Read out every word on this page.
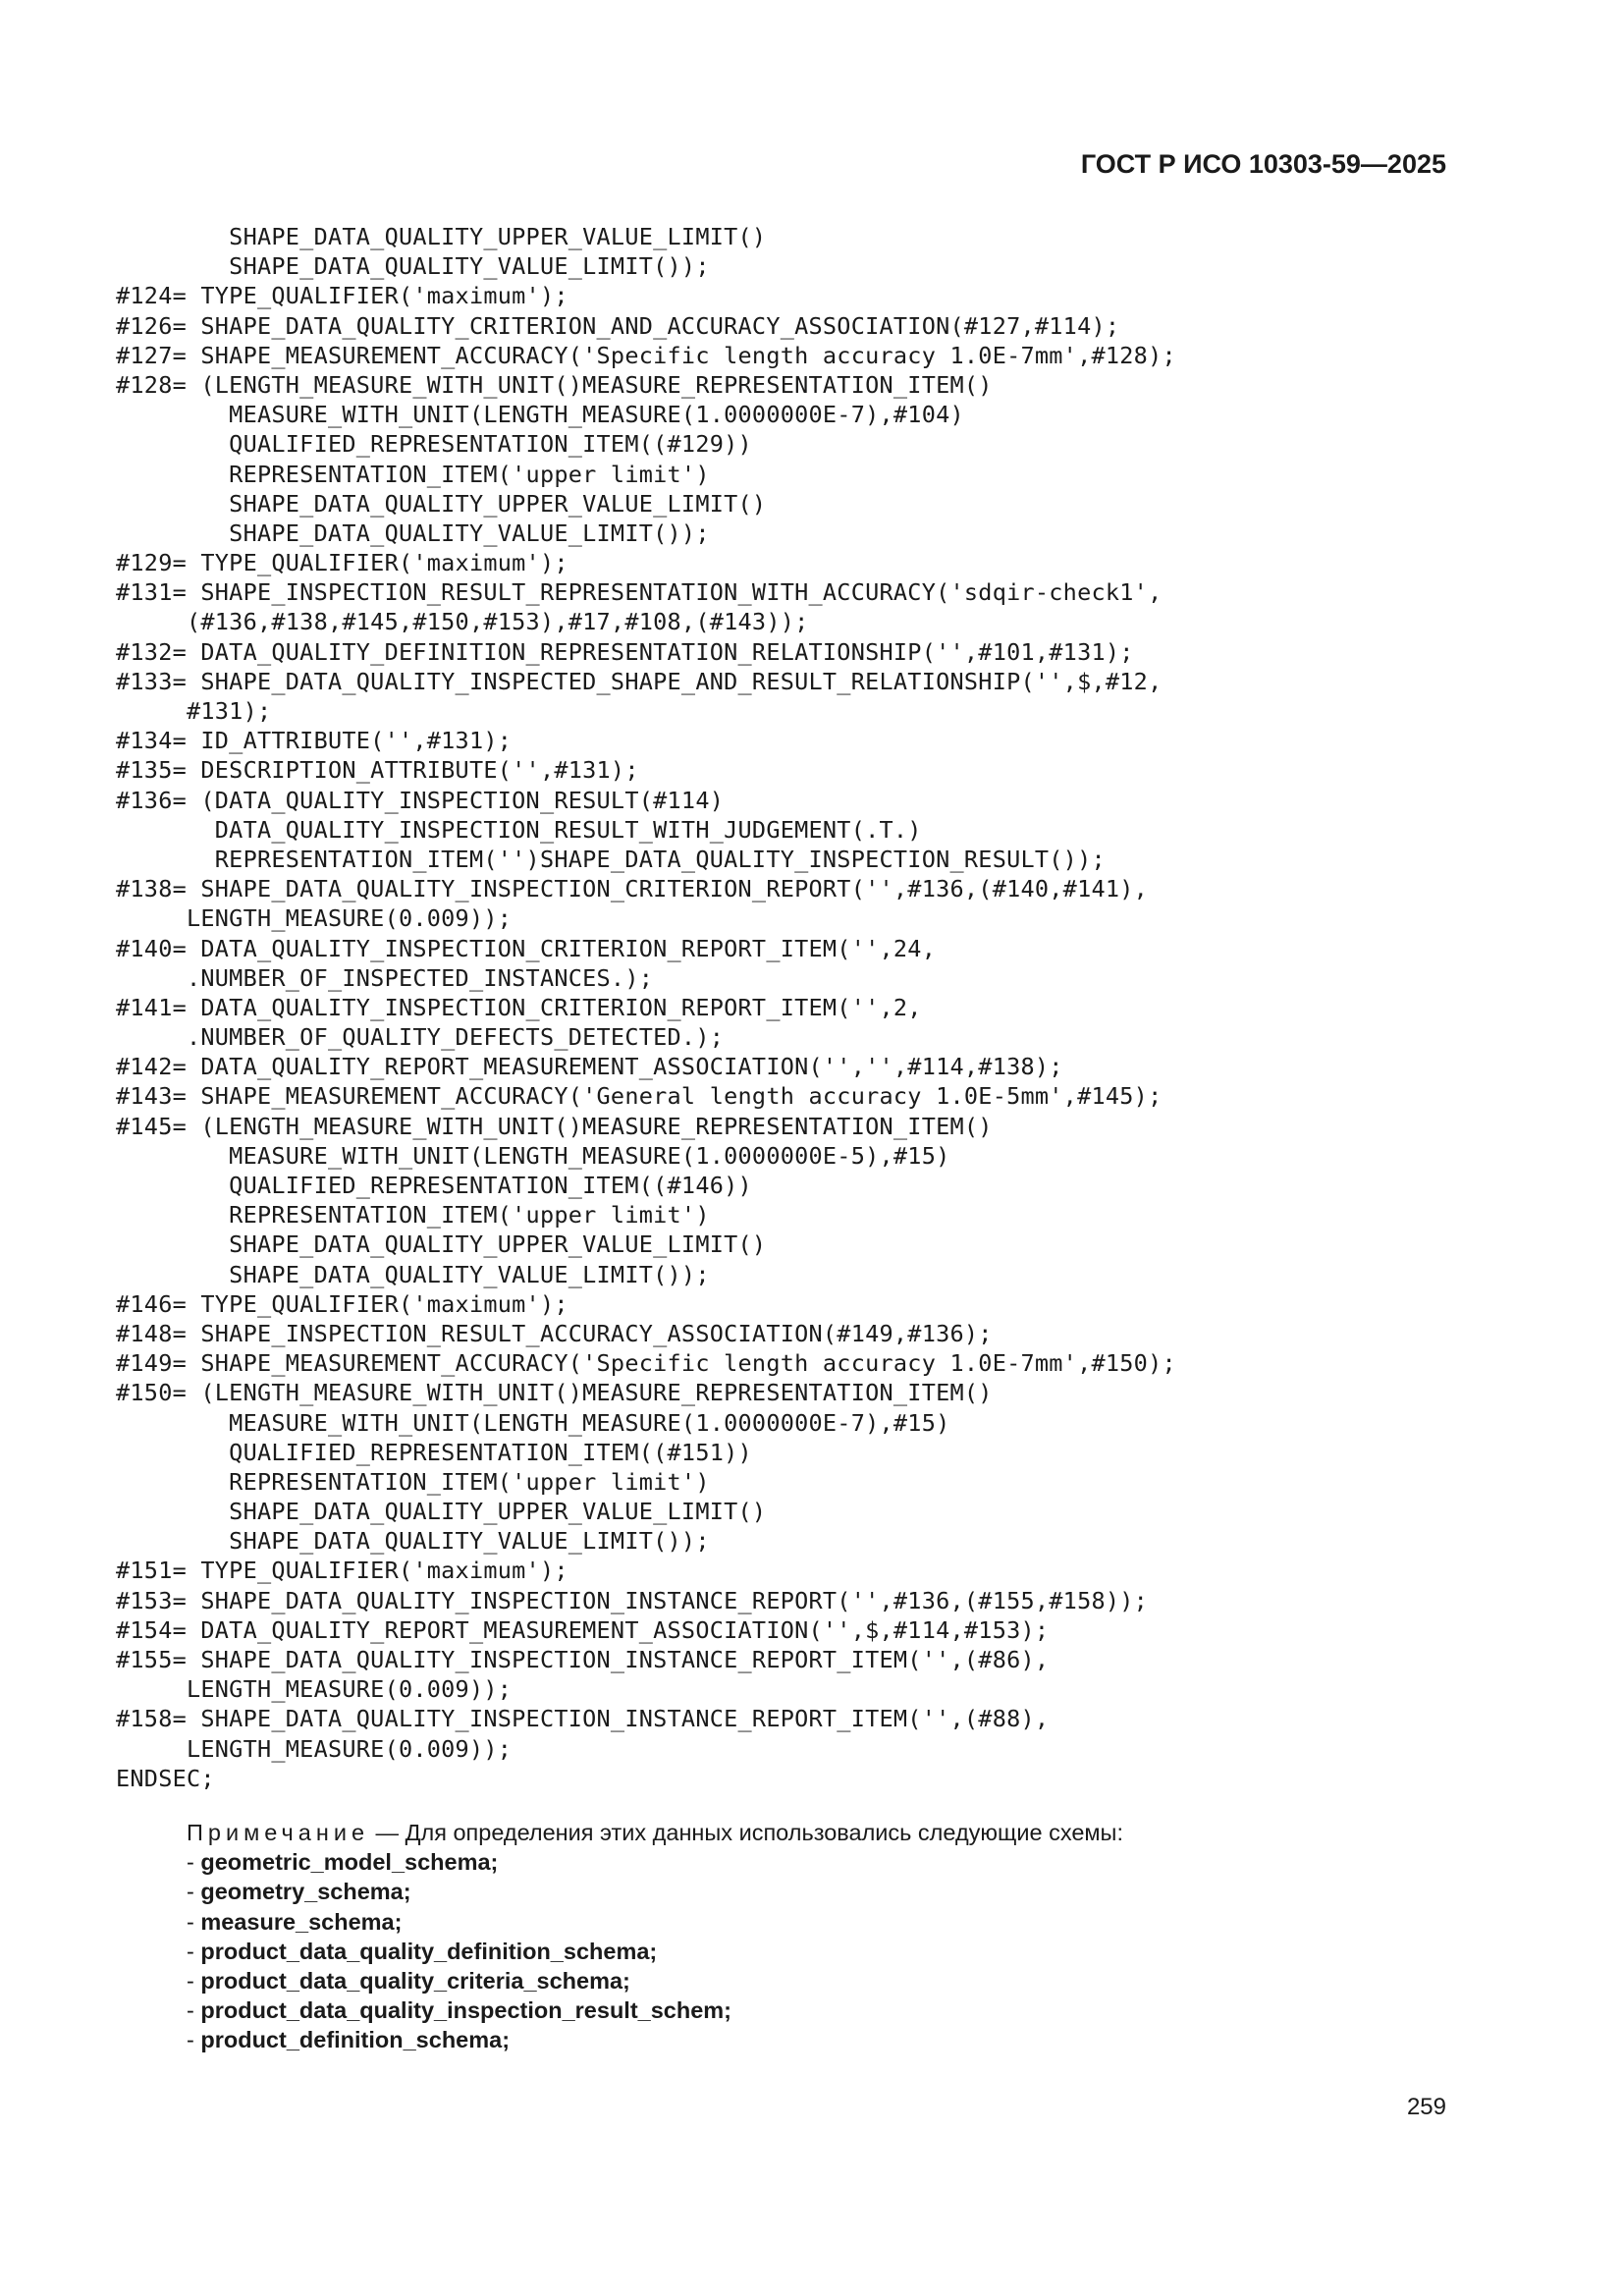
ГОСТ Р ИСО 10303-59—2025
SHAPE_DATA_QUALITY_UPPER_VALUE_LIMIT()
SHAPE_DATA_QUALITY_VALUE_LIMIT());
#124= TYPE_QUALIFIER('maximum');
#126= SHAPE_DATA_QUALITY_CRITERION_AND_ACCURACY_ASSOCIATION(#127,#114);
#127= SHAPE_MEASUREMENT_ACCURACY('Specific length accuracy 1.0E-7mm',#128);
#128= (LENGTH_MEASURE_WITH_UNIT()MEASURE_REPRESENTATION_ITEM()
MEASURE_WITH_UNIT(LENGTH_MEASURE(1.0000000E-7),#104)
QUALIFIED_REPRESENTATION_ITEM((#129))
REPRESENTATION_ITEM('upper limit')
SHAPE_DATA_QUALITY_UPPER_VALUE_LIMIT()
SHAPE_DATA_QUALITY_VALUE_LIMIT());
#129= TYPE_QUALIFIER('maximum');
#131= SHAPE_INSPECTION_RESULT_REPRESENTATION_WITH_ACCURACY('sdqir-check1',
(#136,#138,#145,#150,#153),#17,#108,(#143));
#132= DATA_QUALITY_DEFINITION_REPRESENTATION_RELATIONSHIP('',#101,#131);
#133= SHAPE_DATA_QUALITY_INSPECTED_SHAPE_AND_RESULT_RELATIONSHIP('',$,#12,
#131);
#134= ID_ATTRIBUTE('',#131);
#135= DESCRIPTION_ATTRIBUTE('',#131);
#136= (DATA_QUALITY_INSPECTION_RESULT(#114)
DATA_QUALITY_INSPECTION_RESULT_WITH_JUDGEMENT(.T.)
REPRESENTATION_ITEM('')SHAPE_DATA_QUALITY_INSPECTION_RESULT());
#138= SHAPE_DATA_QUALITY_INSPECTION_CRITERION_REPORT('',#136,(#140,#141),
LENGTH_MEASURE(0.009));
#140= DATA_QUALITY_INSPECTION_CRITERION_REPORT_ITEM('',24,
.NUMBER_OF_INSPECTED_INSTANCES.);
#141= DATA_QUALITY_INSPECTION_CRITERION_REPORT_ITEM('',2,
.NUMBER_OF_QUALITY_DEFECTS_DETECTED.);
#142= DATA_QUALITY_REPORT_MEASUREMENT_ASSOCIATION('','',#114,#138);
#143= SHAPE_MEASUREMENT_ACCURACY('General length accuracy 1.0E-5mm',#145);
#145= (LENGTH_MEASURE_WITH_UNIT()MEASURE_REPRESENTATION_ITEM()
MEASURE_WITH_UNIT(LENGTH_MEASURE(1.0000000E-5),#15)
QUALIFIED_REPRESENTATION_ITEM((#146))
REPRESENTATION_ITEM('upper limit')
SHAPE_DATA_QUALITY_UPPER_VALUE_LIMIT()
SHAPE_DATA_QUALITY_VALUE_LIMIT());
#146= TYPE_QUALIFIER('maximum');
#148= SHAPE_INSPECTION_RESULT_ACCURACY_ASSOCIATION(#149,#136);
#149= SHAPE_MEASUREMENT_ACCURACY('Specific length accuracy 1.0E-7mm',#150);
#150= (LENGTH_MEASURE_WITH_UNIT()MEASURE_REPRESENTATION_ITEM()
MEASURE_WITH_UNIT(LENGTH_MEASURE(1.0000000E-7),#15)
QUALIFIED_REPRESENTATION_ITEM((#151))
REPRESENTATION_ITEM('upper limit')
SHAPE_DATA_QUALITY_UPPER_VALUE_LIMIT()
SHAPE_DATA_QUALITY_VALUE_LIMIT());
#151= TYPE_QUALIFIER('maximum');
#153= SHAPE_DATA_QUALITY_INSPECTION_INSTANCE_REPORT('',#136,(#155,#158));
#154= DATA_QUALITY_REPORT_MEASUREMENT_ASSOCIATION('',$,#114,#153);
#155= SHAPE_DATA_QUALITY_INSPECTION_INSTANCE_REPORT_ITEM('',(#86),
LENGTH_MEASURE(0.009));
#158= SHAPE_DATA_QUALITY_INSPECTION_INSTANCE_REPORT_ITEM('',(#88),
LENGTH_MEASURE(0.009));
ENDSEC;
Примечание — Для определения этих данных использовались следующие схемы:
- geometric_model_schema;
- geometry_schema;
- measure_schema;
- product_data_quality_definition_schema;
- product_data_quality_criteria_schema;
- product_data_quality_inspection_result_schem;
- product_definition_schema;
259
